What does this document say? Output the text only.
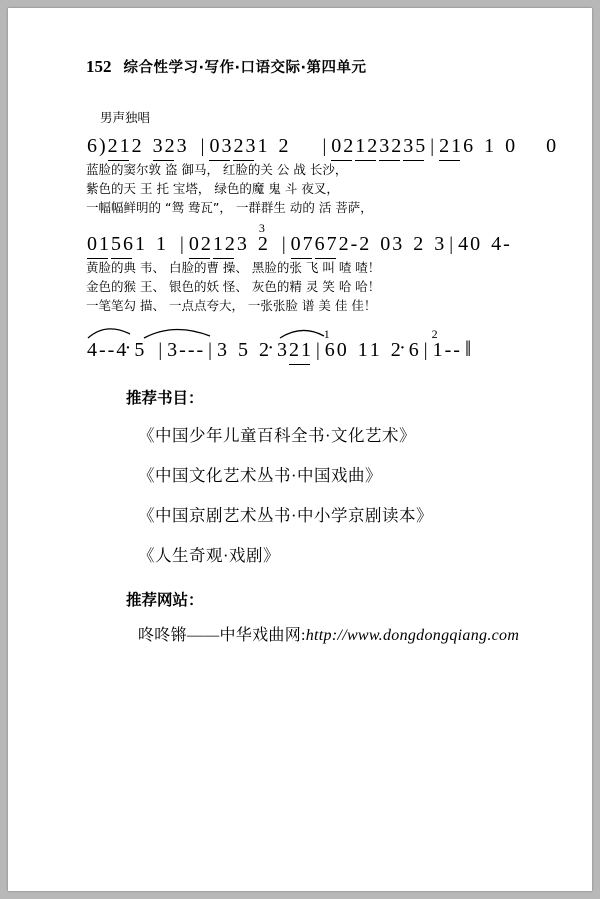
152 综合性学习·写作·口语交际·第四单元
男声独唱
6 ) 2 1 2 3 2 3 | 0 3 2 3 1 2	| 0 2 1 2 3 2 3 5 | 2 1 6 1 0	0
蓝脸的窦尔敦 盗 御马， 红脸的关 公 战 长沙，
紫色的天 王 托 宝塔， 绿色的魔 鬼 斗 夜叉，
一幅幅鲜明的 “鸳 鸯瓦”， 一群群生 动的 活 菩萨，
0 1 5 6 1 1 | 0 2 1 2 3
3
2 | 0 7 6 7 2 - 2 0 3 2 3 | 4 0 4 -
黄脸的典 韦、 白脸的曹 操、 黑脸的张 飞 叫 喳 喳！
金色的猴 王、 银色的妖 怪、 灰色的精 灵 笑 哈 哈！
一笔笔勾 描、 一点点夸大， 一张张脸 谱 美 佳 佳！
4 - - 4 · 5 | 3 - - - | 3 5 2 · 3 2 1 |
1
6 0 1 1 2 · 6 |
2
1 - - ‖
推荐书目：
《中国少年儿童百科全书·文化艺术》
《中国文化艺术丛书·中国戏曲》
《中国京剧艺术丛书·中小学京剧读本》
《人生奇观·戏剧》
推荐网站：
咚咚锵——中华戏曲网:http://www.dongdongqiang.com
